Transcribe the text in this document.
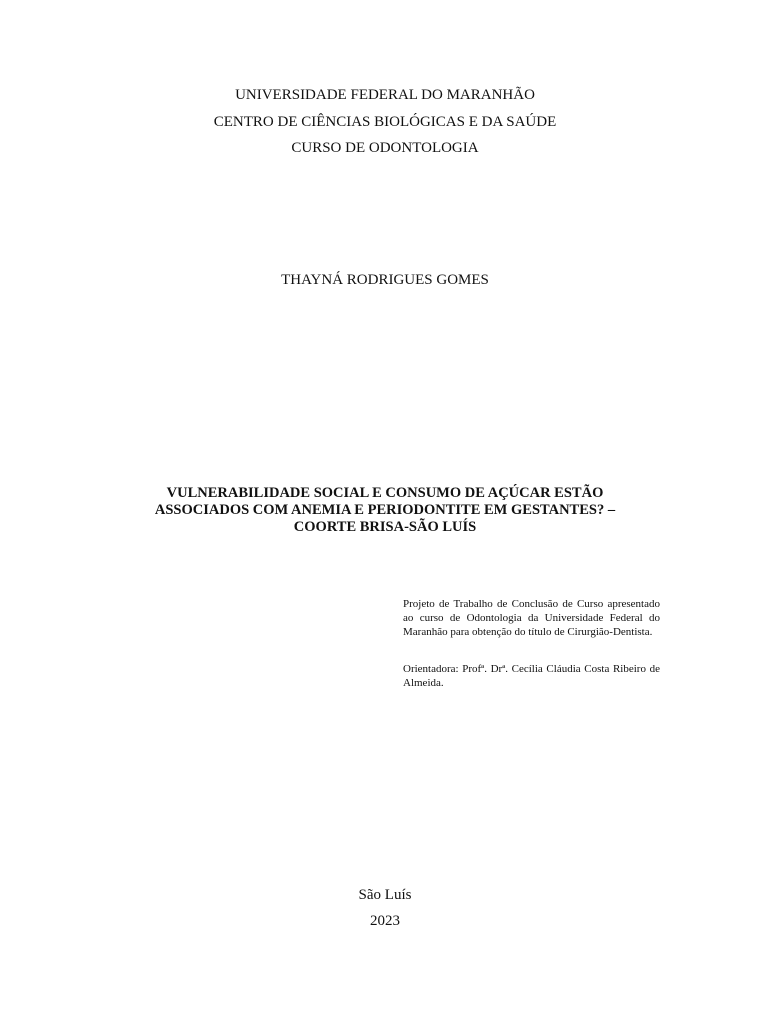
UNIVERSIDADE FEDERAL DO MARANHÃO
CENTRO DE CIÊNCIAS BIOLÓGICAS E DA SAÚDE
CURSO DE ODONTOLOGIA
THAYNÁ RODRIGUES GOMES
VULNERABILIDADE SOCIAL E CONSUMO DE AÇÚCAR ESTÃO
ASSOCIADOS COM ANEMIA E PERIODONTITE EM GESTANTES? –
COORTE BRISA-SÃO LUÍS

Projeto de Trabalho de Conclusão de Curso apresentado ao curso de Odontologia da Universidade Federal do Maranhão para obtenção do título de Cirurgião-Dentista.

Orientadora: Profª. Drª. Cecília Cláudia Costa Ribeiro de Almeida.

São Luís
2023
